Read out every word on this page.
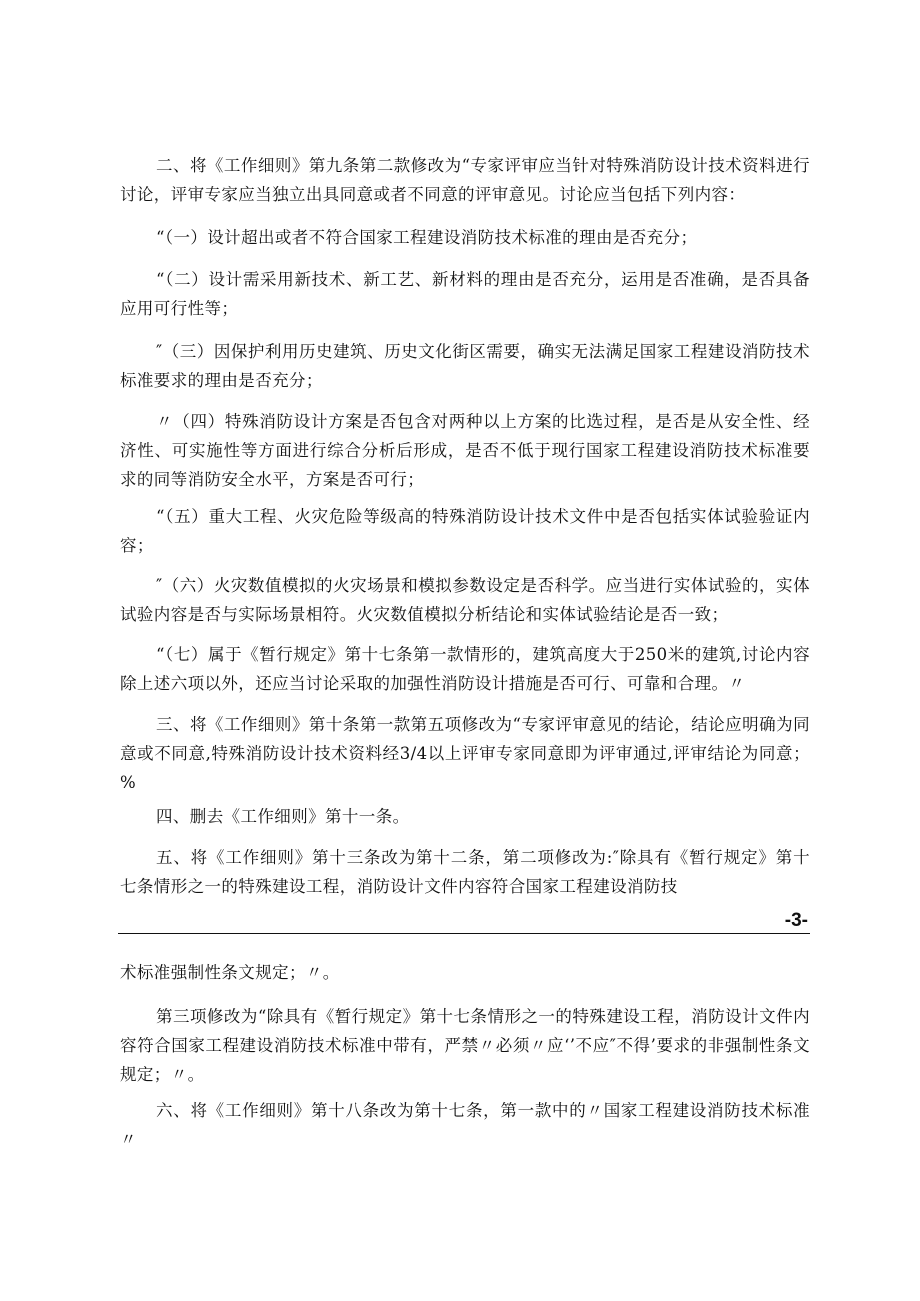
二、将《工作细则》第九条第二款修改为“专家评审应当针对特殊消防设计技术资料进行讨论，评审专家应当独立出具同意或者不同意的评审意见。讨论应当包括下列内容：

“（一）设计超出或者不符合国家工程建设消防技术标准的理由是否充分；

“（二）设计需采用新技术、新工艺、新材料的理由是否充分，运用是否准确，是否具备应用可行性等；

″（三）因保护利用历史建筑、历史文化街区需要，确实无法满足国家工程建设消防技术标准要求的理由是否充分；

〃（四）特殊消防设计方案是否包含对两种以上方案的比选过程，是否是从安全性、经济性、可实施性等方面进行综合分析后形成，是否不低于现行国家工程建设消防技术标准要求的同等消防安全水平，方案是否可行；

“（五）重大工程、火灾危险等级高的特殊消防设计技术文件中是否包括实体试验验证内容；

″（六）火灾数值模拟的火灾场景和模拟参数设定是否科学。应当进行实体试验的，实体试验内容是否与实际场景相符。火灾数值模拟分析结论和实体试验结论是否一致；

“（七）属于《暂行规定》第十七条第一款情形的，建筑高度大于250米的建筑,讨论内容除上述六项以外，还应当讨论采取的加强性消防设计措施是否可行、可靠和合理。〃

三、将《工作细则》第十条第一款第五项修改为“专家评审意见的结论，结论应明确为同意或不同意,特殊消防设计技术资料经3/4以上评审专家同意即为评审通过,评审结论为同意；%

四、删去《工作细则》第十一条。

五、将《工作细则》第十三条改为第十二条，第二项修改为:″除具有《暂行规定》第十七条情形之一的特殊建设工程，消防设计文件内容符合国家工程建设消防技

-3-

术标准强制性条文规定；〃。

第三项修改为“除具有《暂行规定》第十七条情形之一的特殊建设工程，消防设计文件内容符合国家工程建设消防技术标准中带有，严禁〃必须〃应‘’不应″不得’要求的非强制性条文规定；〃。

六、将《工作细则》第十八条改为第十七条，第一款中的〃国家工程建设消防技术标准〃
